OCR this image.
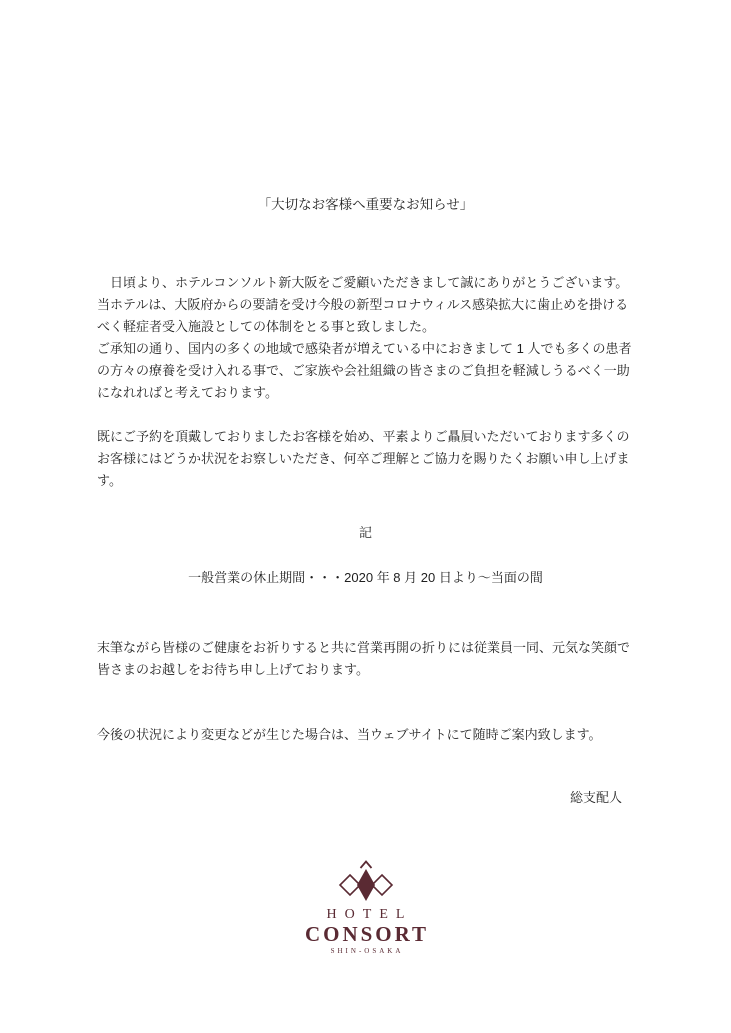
「大切なお客様へ重要なお知らせ」

　日頃より、ホテルコンソルト新大阪をご愛顧いただきまして誠にありがとうございます。

当ホテルは、大阪府からの要請を受け今般の新型コロナウィルス感染拡大に歯止めを掛けるべく軽症者受入施設としての体制をとる事と致しました。

ご承知の通り、国内の多くの地域で感染者が増えている中におきまして 1 人でも多くの患者の方々の療養を受け入れる事で、ご家族や会社組織の皆さまのご負担を軽減しうるべく一助になれればと考えております。

既にご予約を頂戴しておりましたお客様を始め、平素よりご贔屓いただいております多くのお客様にはどうか状況をお察しいただき、何卒ご理解とご協力を賜りたくお願い申し上げます。

記

一般営業の休止期間・・・2020 年 8 月 20 日より～当面の間

末筆ながら皆様のご健康をお祈りすると共に営業再開の折りには従業員一同、元気な笑顔で皆さまのお越しをお待ち申し上げております。

今後の状況により変更などが生じた場合は、当ウェブサイトにて随時ご案内致します。

総支配人

HOTEL
CONSORT
SHIN-OSAKA
